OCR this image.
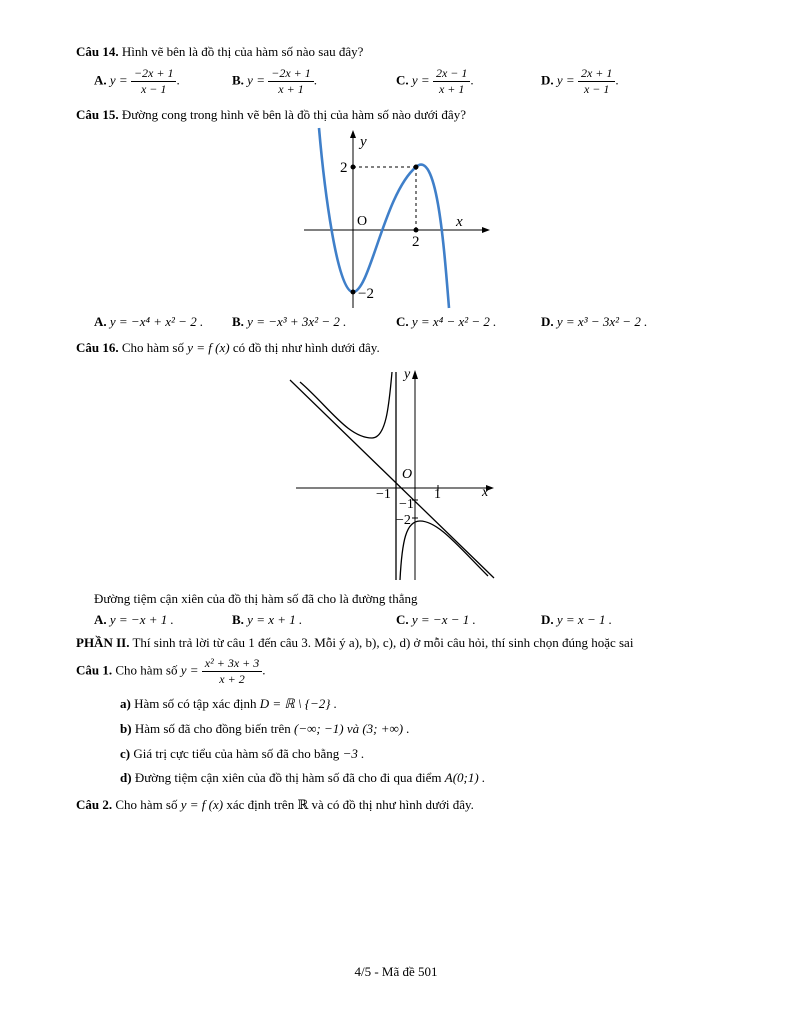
Câu 14. Hình vẽ bên là đồ thị của hàm số nào sau đây?
A. $y = \frac{-2x + 1}{x - 1}$ .	B. $y = \frac{-2x + 1}{x + 1}$ .	C. $y = \frac{2x - 1}{x + 1}$ .	D. $y = \frac{2x + 1}{x - 1}$ .
Câu 15. Đường cong trong hình vẽ bên là đồ thị của hàm số nào dưới đây?
y
x
O
2
2
−2
A. y = −x⁴ + x² − 2 . B. y = −x³ + 3x² − 2 .	C. y = x⁴ − x² − 2 .	D. y = x³ − 3x² − 2 .
Câu 16. Cho hàm số y = f (x) có đồ thị như hình dưới đây.
y
x
O
−1	1
−1
−2
Đường tiệm cận xiên của đồ thị hàm số đã cho là đường thẳng
A. y = −x + 1 .	B. y = x + 1 .	C. y = −x − 1 .	D. y = x − 1 .
PHẦN II. Thí sinh trả lời từ câu 1 đến câu 3. Mỗi ý a), b), c), d) ở mỗi câu hỏi, thí sinh chọn đúng hoặc sai
Câu 1. Cho hàm số $y = \frac{\text{x² + 3x + 3}}{x + 2}$ .
a) Hàm số có tập xác định D = ℝ \ {−2} .
b) Hàm số đã cho đồng biến trên (−∞; −1) và (3; +∞) .
c) Giá trị cực tiểu của hàm số đã cho bằng −3 .
d) Đường tiệm cận xiên của đồ thị hàm số đã cho đi qua điểm A(0;1) .
Câu 2. Cho hàm số y = f (x) xác định trên ℝ và có đồ thị như hình dưới đây.
4/5 - Mã đề 501
